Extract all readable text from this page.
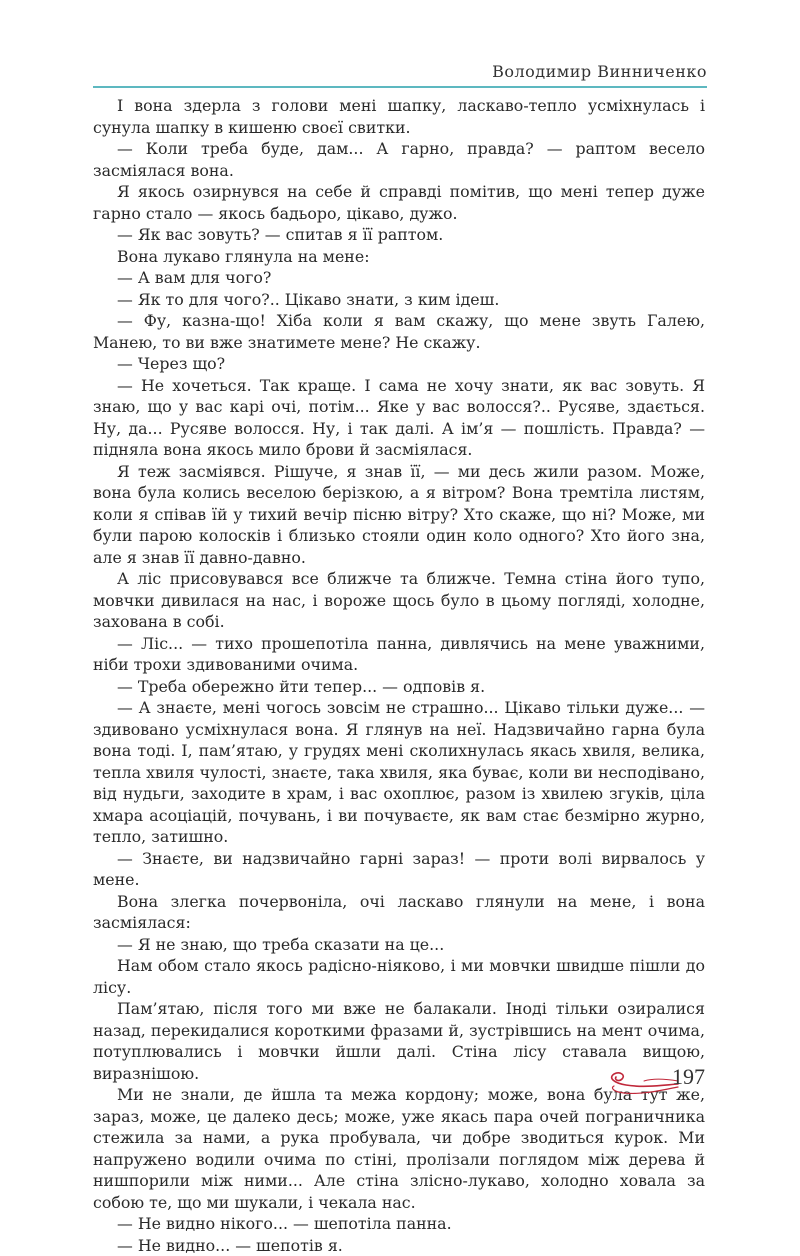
Володимир Винниченко

І вона здерла з голови мені шапку, ласкаво-тепло усміхнулась і сунула шапку в кишеню своєї свитки.

— Коли треба буде, дам... А гарно, правда? — раптом весело засміялася вона.

Я якось озирнувся на себе й справді помітив, що мені тепер дуже гарно стало — якось бадьоро, цікаво, дужо.

— Як вас зовуть? — спитав я її раптом.

Вона лукаво глянула на мене:

— А вам для чого?

— Як то для чого?.. Цікаво знати, з ким ідеш.

— Фу, казна-що! Хіба коли я вам скажу, що мене звуть Галею, Манею, то ви вже знатимете мене? Не скажу.

— Через що?

— Не хочеться. Так краще. І сама не хочу знати, як вас зовуть. Я знаю, що у вас карі очі, потім... Яке у вас волосся?.. Русяве, здається. Ну, да... Русяве волосся. Ну, і так далі. А ім’я — пошлість. Правда? — підняла вона якось мило брови й засміялася.

Я теж засміявся. Рішуче, я знав її, — ми десь жили разом. Може, вона була колись веселою берізкою, а я вітром? Вона тремтіла листям, коли я співав їй у тихий вечір пісню вітру? Хто скаже, що ні? Може, ми були парою колосків і близько стояли один коло одного? Хто його зна, але я знав її давно-давно.

А ліс присовувався все ближче та ближче. Темна стіна його тупо, мовчки дивилася на нас, і вороже щось було в цьому погляді, холодне, захована в собі.

— Ліс... — тихо прошепотіла панна, дивлячись на мене уважними, ніби трохи здивованими очима.

— Треба обережно йти тепер... — одповів я.

— А знаєте, мені чогось зовсім не страшно... Цікаво тільки дуже... — здивовано усміхнулася вона. Я глянув на неї. Надзвичайно гарна була вона тоді. І, пам’ятаю, у грудях мені сколихнулась якась хвиля, велика, тепла хвиля чулості, знаєте, така хвиля, яка буває, коли ви несподівано, від нудьги, заходите в храм, і вас охоплює, разом із хвилею згуків, ціла хмара асоціацій, почувань, і ви почуваєте, як вам стає безмірно журно, тепло, затишно.

— Знаєте, ви надзвичайно гарні зараз! — проти волі вирвалось у мене.

Вона злегка почервоніла, очі ласкаво глянули на мене, і вона засміялася:

— Я не знаю, що треба сказати на це...

Нам обом стало якось радісно-ніяково, і ми мовчки швидше пішли до лісу.

Пам’ятаю, після того ми вже не балакали. Іноді тільки озиралися назад, перекидалися короткими фразами й, зустрівшись на мент очима, потуплювались і мовчки йшли далі. Стіна лісу ставала вищою, виразнішою.

Ми не знали, де йшла та межа кордону; може, вона була тут же, зараз, може, це далеко десь; може, уже якась пара очей пограничника стежила за нами, а рука пробувала, чи добре зводиться курок. Ми напружено водили очима по стіні, пролізали поглядом між дерева й нишпорили між ними... Але стіна злісно-лукаво, холодно ховала за собою те, що ми шукали, і чекала нас.

— Не видно нікого... — шепотіла панна.

— Не видно... — шепотів я.

197
